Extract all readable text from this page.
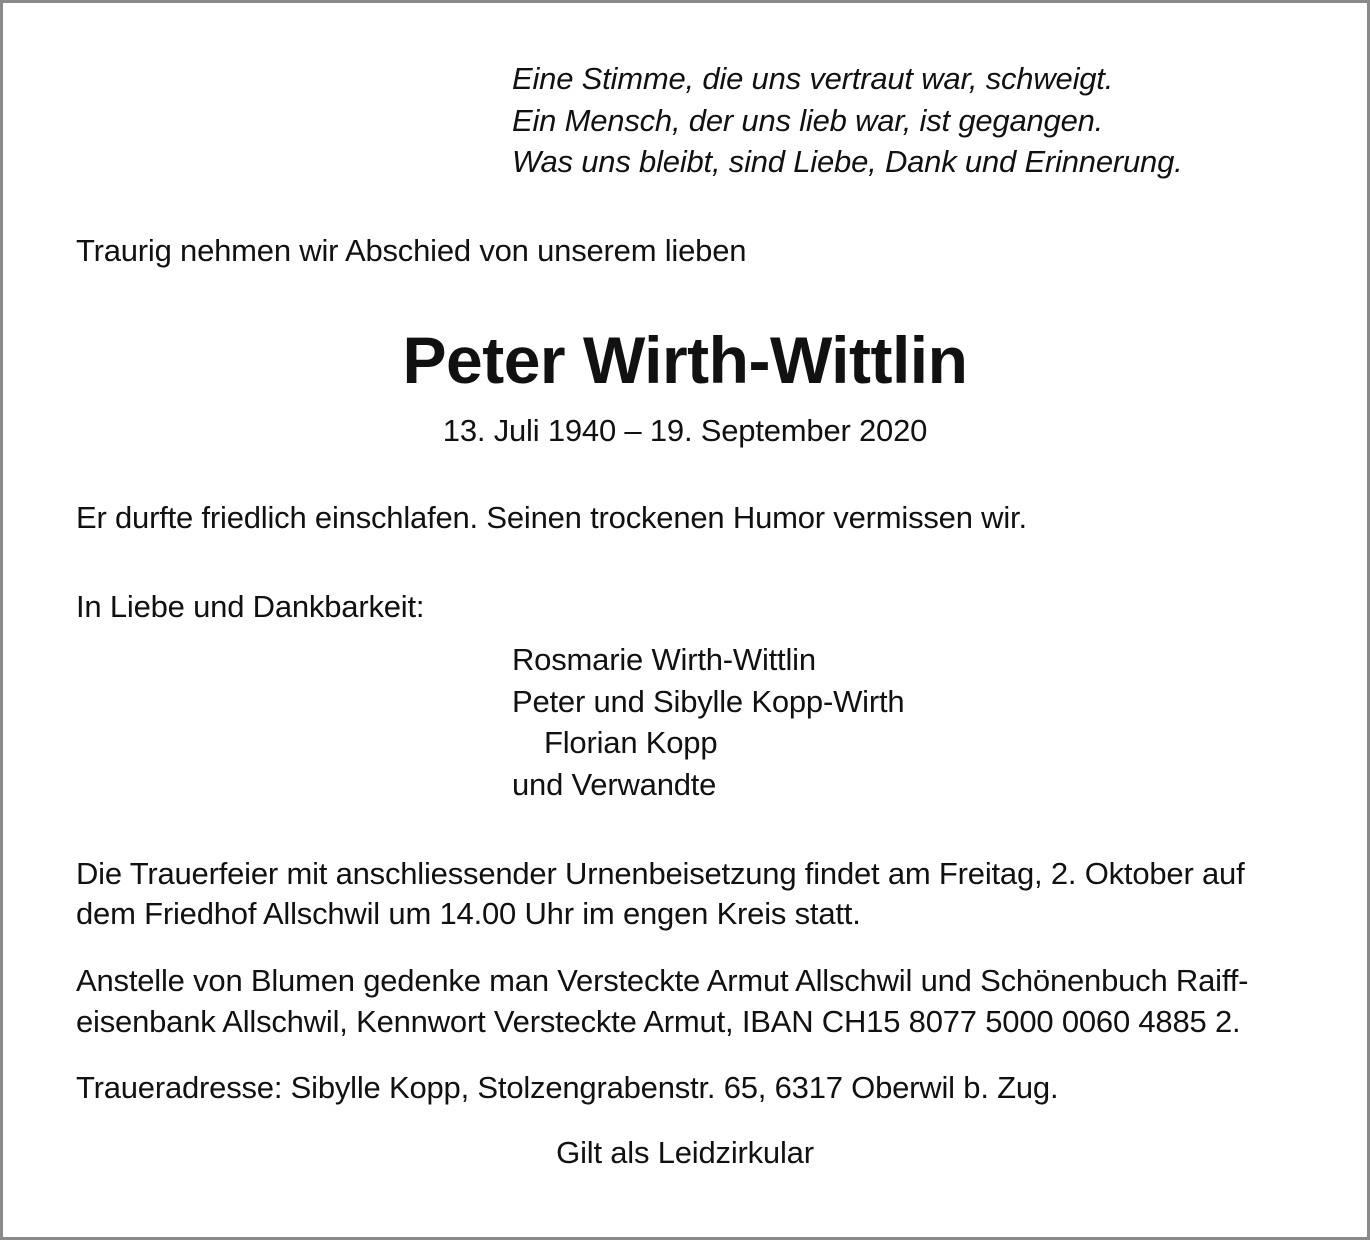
Eine Stimme, die uns vertraut war, schweigt.
Ein Mensch, der uns lieb war, ist gegangen.
Was uns bleibt, sind Liebe, Dank und Erinnerung.
Traurig nehmen wir Abschied von unserem lieben
Peter Wirth-Wittlin
13. Juli 1940 – 19. September 2020
Er durfte friedlich einschlafen. Seinen trockenen Humor vermissen wir.
In Liebe und Dankbarkeit:
Rosmarie Wirth-Wittlin
Peter und Sibylle Kopp-Wirth
Florian Kopp
und Verwandte
Die Trauerfeier mit anschliessender Urnenbeisetzung findet am Freitag, 2. Oktober auf
dem Friedhof Allschwil um 14.00 Uhr im engen Kreis statt.
Anstelle von Blumen gedenke man Versteckte Armut Allschwil und Schönenbuch Raiff-
eisenbank Allschwil, Kennwort Versteckte Armut, IBAN CH15 8077 5000 0060 4885 2.
Traueradresse: Sibylle Kopp, Stolzengrabenstr. 65, 6317 Oberwil b. Zug.
Gilt als Leidzirkular
